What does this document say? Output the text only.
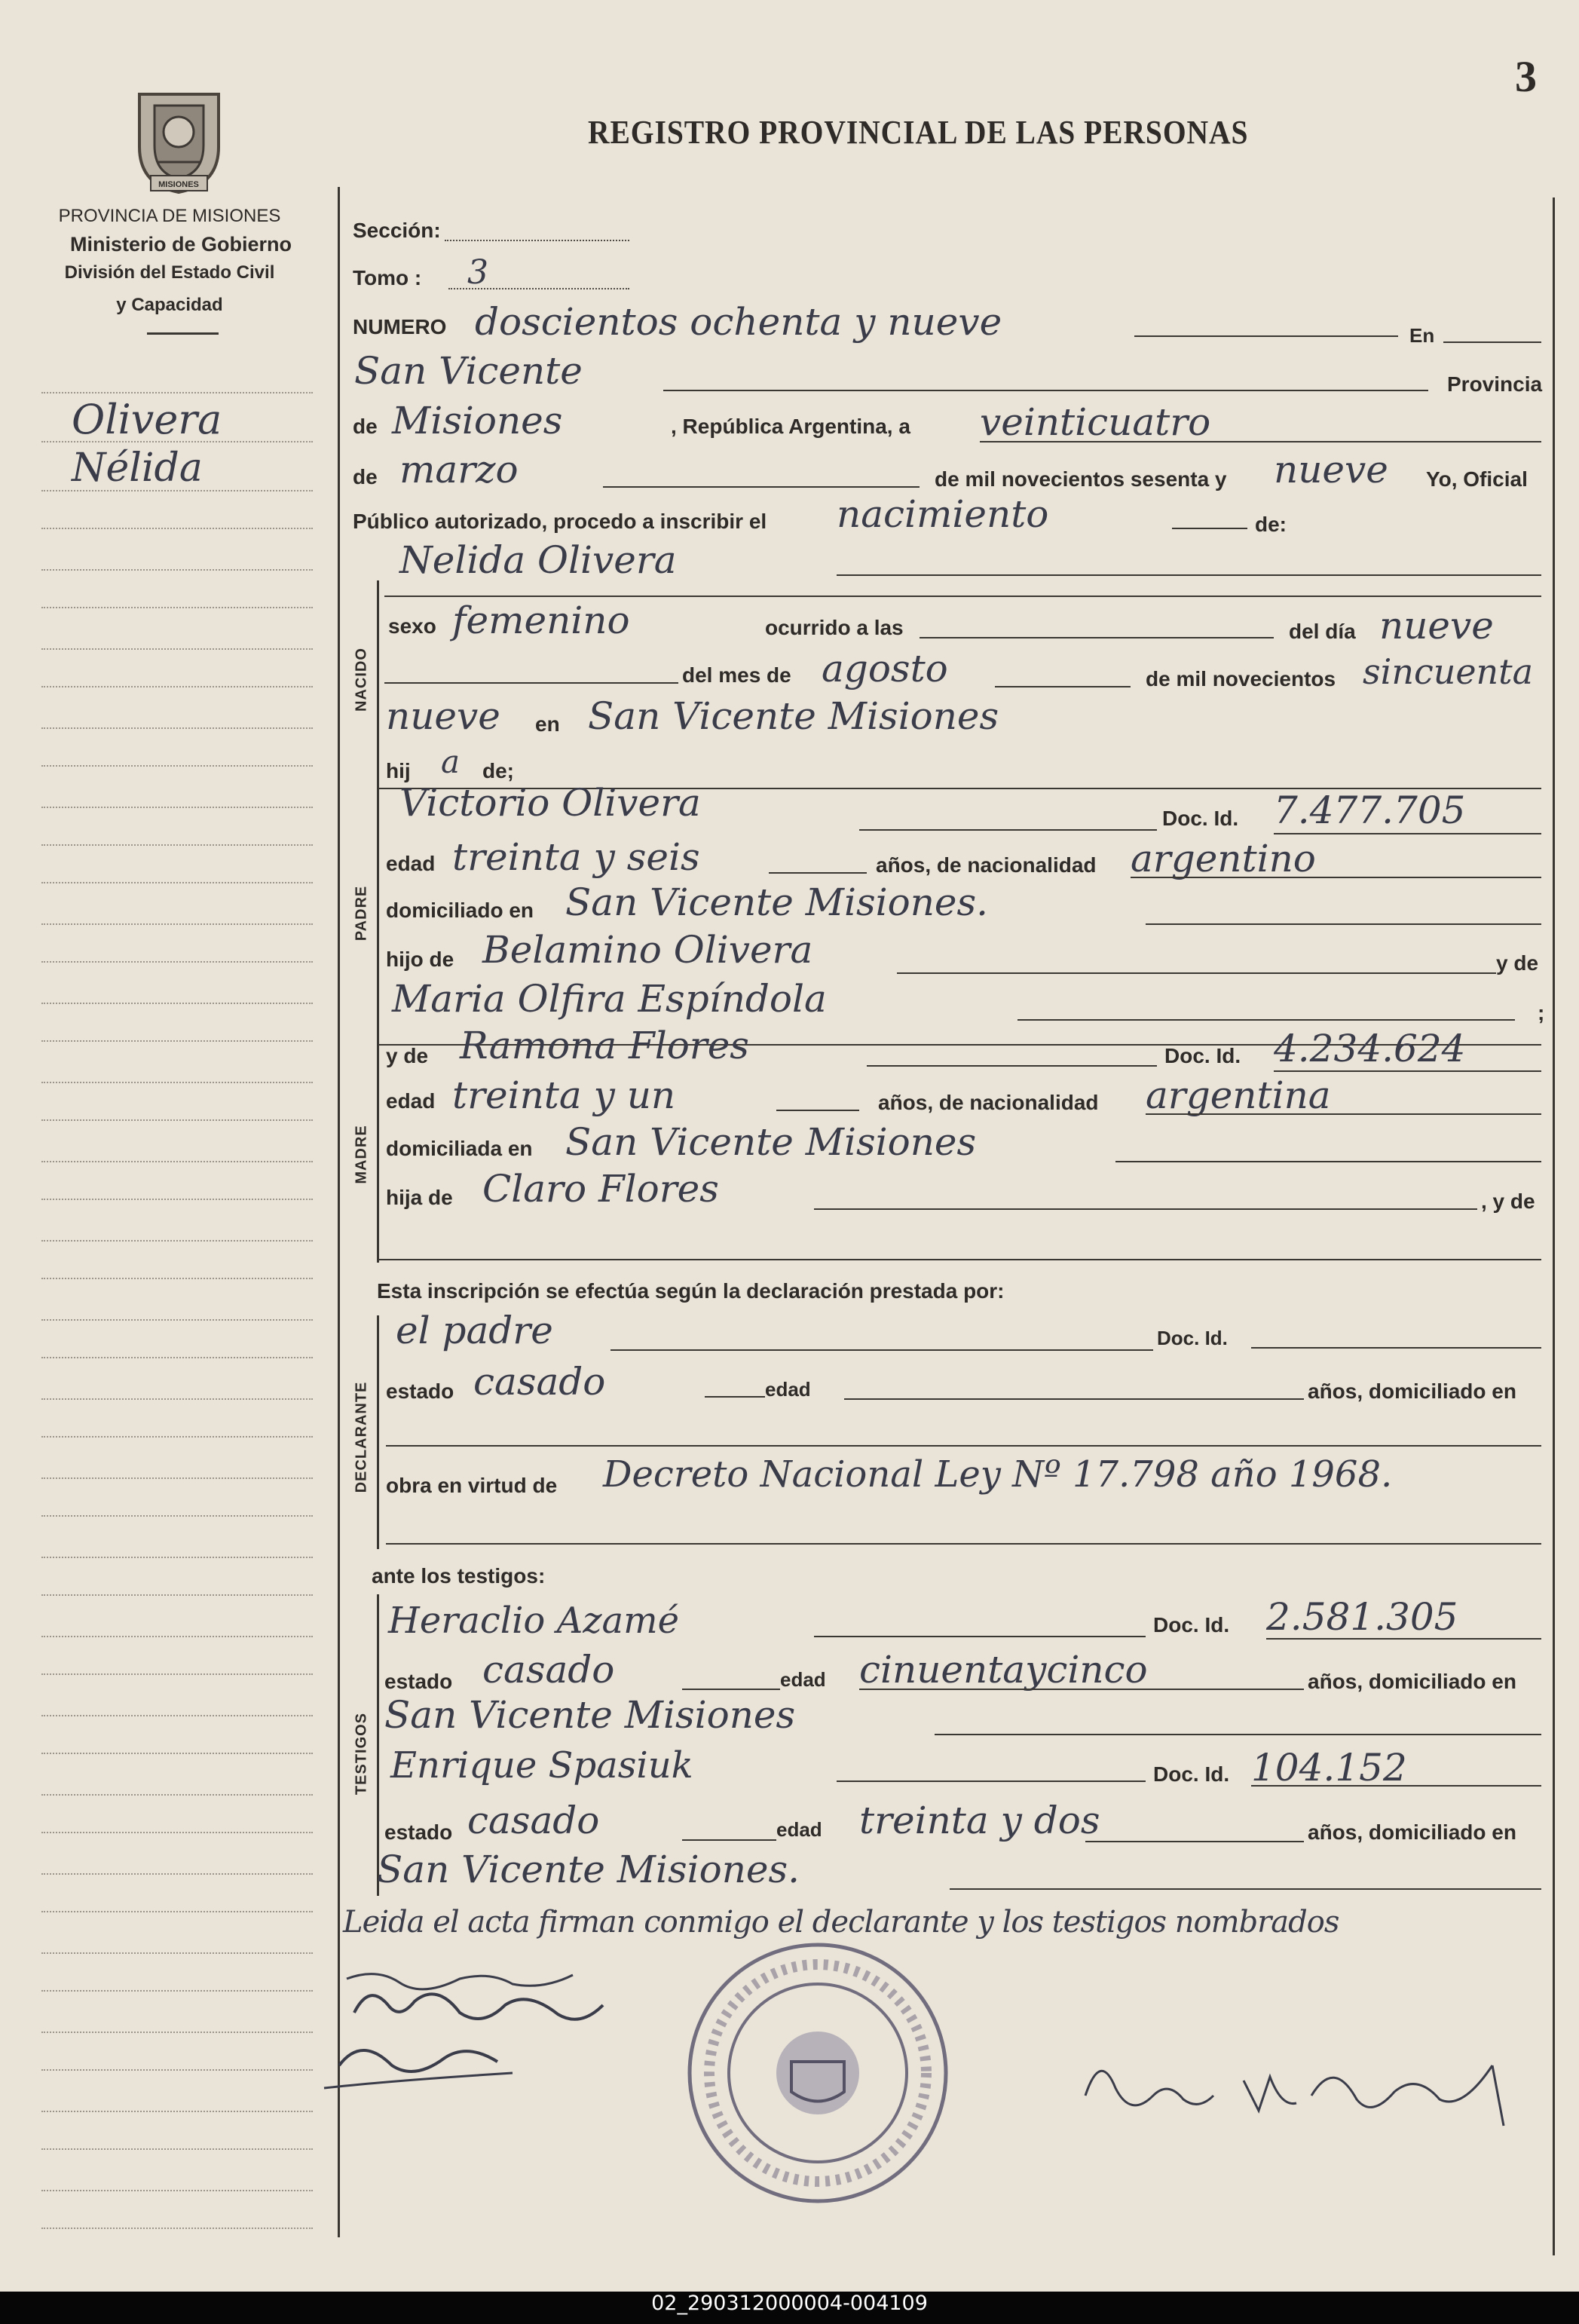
3
MISIONES
PROVINCIA DE MISIONES
Ministerio de Gobierno
División del Estado Civil
y Capacidad
REGISTRO PROVINCIAL DE LAS PERSONAS
Olivera
Nélida
Sección:
Tomo : 3
NUMERO doscientos ochenta y nueve	En
San Vicente	Provincia
de Misiones	, República Argentina, a veinticuatro
de marzo	de mil novecientos sesenta y nueve Yo, Oficial
Público autorizado, procedo a inscribir el nacimiento	de:
NACIDO
Nelida Olivera
sexo femenino	ocurrido a las	del día nueve
del mes de agosto	de mil novecientos sincuenta
nueve en San Vicente Misiones
hij a de;
PADRE
Victorio Olivera	Doc. Id. 7.477.705
edad treinta y seis	años, de nacionalidad argentino
domiciliado en San Vicente Misiones.
hijo de Belamino Olivera	y de
Maria Olfira Espíndola	;
MADRE
y de Ramona Flores	Doc. Id. 4.234.624
edad treinta y un	años, de nacionalidad argentina
domiciliada en San Vicente Misiones
hija de Claro Flores	, y de
Esta inscripción se efectúa según la declaración prestada por:
DECLARANTE
el padre	Doc. Id.
estado casado	edad	años, domiciliado en
obra en virtud de Decreto Nacional Ley Nº 17.798 año 1968.
ante los testigos:
TESTIGOS
Heraclio Azamé	Doc. Id. 2.581.305
estado casado	edad cinuentaycinco	años, domiciliado en
San Vicente Misiones
Enrique Spasiuk	Doc. Id. 104.152
estado casado	edad treinta y dos	años, domiciliado en
San Vicente Misiones.
Leida el acta firman conmigo el declarante y los testigos nombrados
02_290312000004-004109
